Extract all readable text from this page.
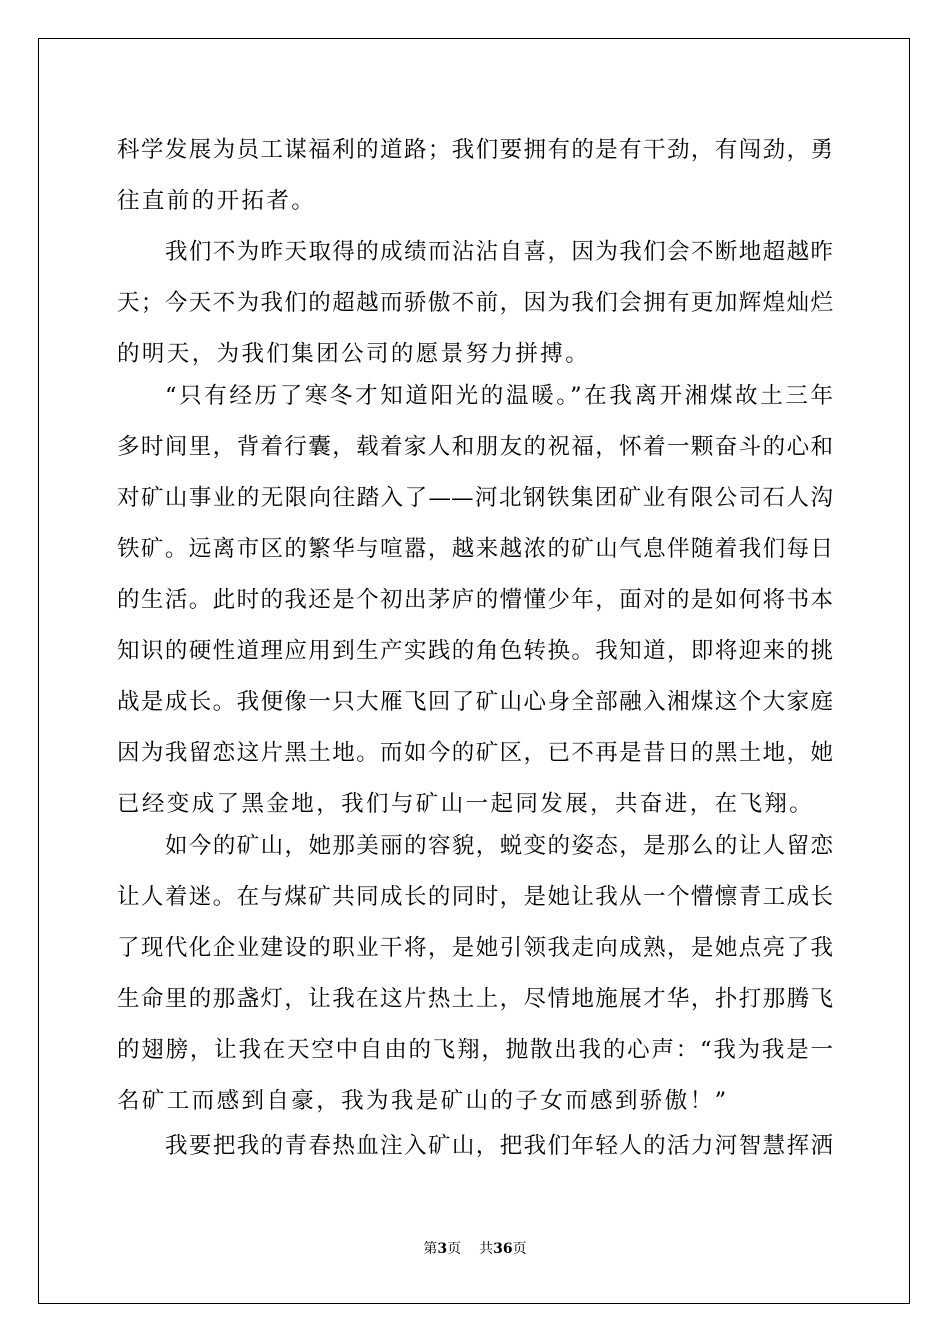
科学发展为员工谋福利的道路；我们要拥有的是有干劲，有闯劲，勇
往直前的开拓者。
我们不为昨天取得的成绩而沾沾自喜，因为我们会不断地超越昨
天；今天不为我们的超越而骄傲不前，因为我们会拥有更加辉煌灿烂
的明天，为我们集团公司的愿景努力拼搏。
“只有经历了寒冬才知道阳光的温暖。”在我离开湘煤故土三年
多时间里，背着行囊，载着家人和朋友的祝福，怀着一颗奋斗的心和
对矿山事业的无限向往踏入了——河北钢铁集团矿业有限公司石人沟
铁矿。远离市区的繁华与喧嚣，越来越浓的矿山气息伴随着我们每日
的生活。此时的我还是个初出茅庐的懵懂少年，面对的是如何将书本
知识的硬性道理应用到生产实践的角色转换。我知道，即将迎来的挑
战是成长。我便像一只大雁飞回了矿山心身全部融入湘煤这个大家庭
因为我留恋这片黑土地。而如今的矿区，已不再是昔日的黑土地，她
已经变成了黑金地，我们与矿山一起同发展，共奋进，在飞翔。
如今的矿山，她那美丽的容貌，蜕变的姿态，是那么的让人留恋
让人着迷。在与煤矿共同成长的同时，是她让我从一个懵懔青工成长
了现代化企业建设的职业干将，是她引领我走向成熟，是她点亮了我
生命里的那盏灯，让我在这片热土上，尽情地施展才华，扑打那腾飞
的翅膀，让我在天空中自由的飞翔，抛散出我的心声：“我为我是一
名矿工而感到自豪，我为我是矿山的子女而感到骄傲！”
我要把我的青春热血注入矿山，把我们年轻人的活力河智慧挥洒
第3页 共36页
